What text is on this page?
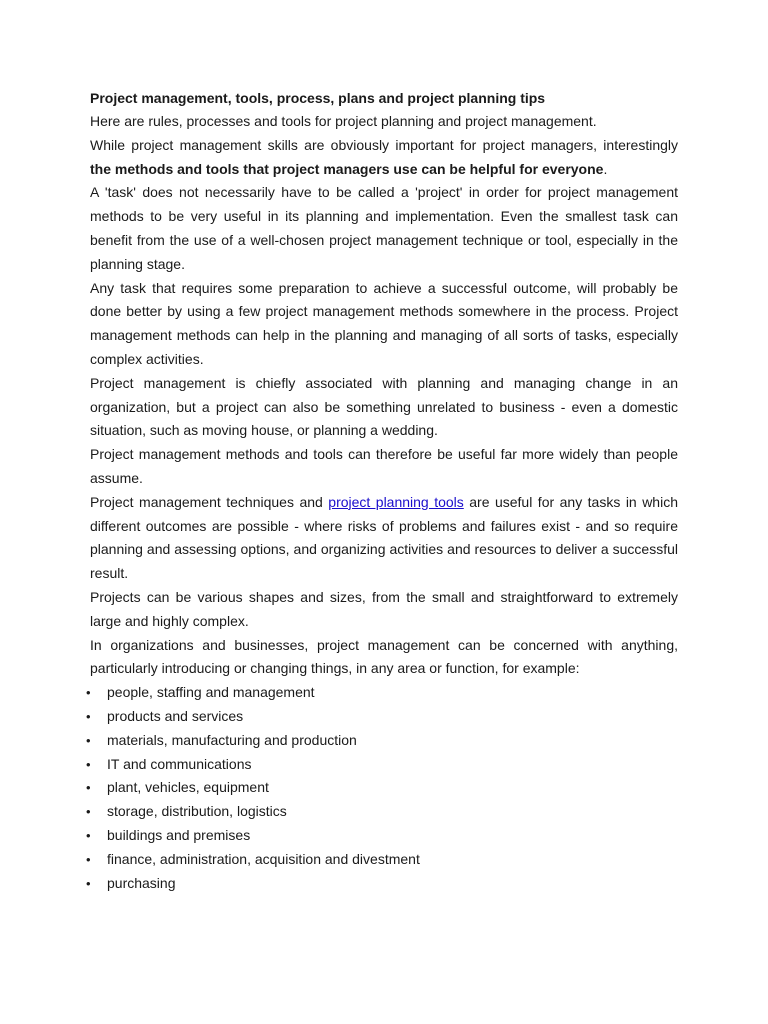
Project management, tools, process, plans and project planning tips

Here are rules, processes and tools for project planning and project management.

While project management skills are obviously important for project managers, interestingly the methods and tools that project managers use can be helpful for everyone.

A 'task' does not necessarily have to be called a 'project' in order for project management methods to be very useful in its planning and implementation. Even the smallest task can benefit from the use of a well-chosen project management technique or tool, especially in the planning stage.

Any task that requires some preparation to achieve a successful outcome, will probably be done better by using a few project management methods somewhere in the process. Project management methods can help in the planning and managing of all sorts of tasks, especially complex activities.

Project management is chiefly associated with planning and managing change in an organization, but a project can also be something unrelated to business - even a domestic situation, such as moving house, or planning a wedding.

Project management methods and tools can therefore be useful far more widely than people assume.

Project management techniques and project planning tools are useful for any tasks in which different outcomes are possible - where risks of problems and failures exist - and so require planning and assessing options, and organizing activities and resources to deliver a successful result.

Projects can be various shapes and sizes, from the small and straightforward to extremely large and highly complex.

In organizations and businesses, project management can be concerned with anything, particularly introducing or changing things, in any area or function, for example:

• people, staffing and management
• products and services
• materials, manufacturing and production
• IT and communications
• plant, vehicles, equipment
• storage, distribution, logistics
• buildings and premises
• finance, administration, acquisition and divestment
• purchasing
